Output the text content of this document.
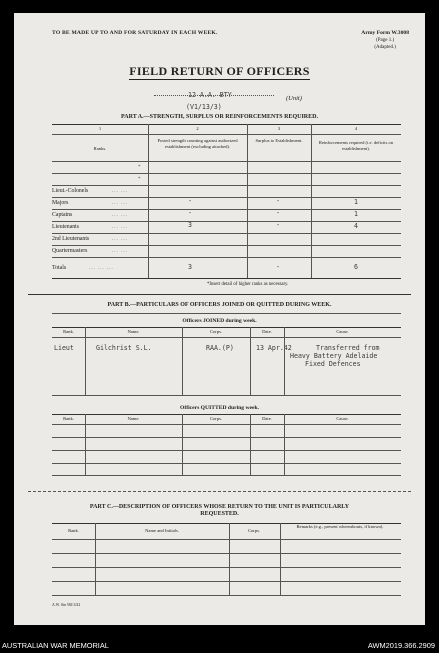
TO BE MADE UP TO AND FOR SATURDAY IN EACH WEEK.	Army Form W.3008
(Page 1.)
(Adapted.)
FIELD RETURN OF OFFICERS
12 A.A. BTY	(Unit)
(V1/13/3)
PART A.—STRENGTH, SURPLUS OR REINFORCEMENTS REQUIRED.
1	2	3	4
Ranks.
Posted strength counting against authorized establishment (excluding attached).
Surplus to Establishment.	Reinforcements required (i.e. deficits on establishment).
*
*
Lieut.-Colonels	... ...
Majors	... ...	-	-	1
Captains	... ...	-	-	1
Lieutenants	... ...	3	-	4
2nd Lieutenants	... ...
Quartermasters	... ...
Totals	... ... ...	3	-	6
*Insert detail of higher ranks as necessary.
PART B.—PARTICULARS OF OFFICERS JOINED OR QUITTED DURING WEEK.
Officers JOINED during week.
Rank.	Name.	Corps.	Date.	Cause.
Lieut	Gilchrist S.L.	RAA.(P)	13 Apr.42	Transferred from
Heavy Battery Adelaide
Fixed Defences
Officers QUITTED during week.
Rank.	Name.	Corps.	Date.	Cause.
PART C.—DESCRIPTION OF OFFICERS WHOSE RETURN TO THE UNIT IS PARTICULARLY
REQUESTED.
Rank.	Name and Initials.	Corps.
Remarks (e.g., present whereabouts, if known).
A.W. Stn 584 3/42
AUSTRALIAN WAR MEMORIAL	AWM2019.366.2909
